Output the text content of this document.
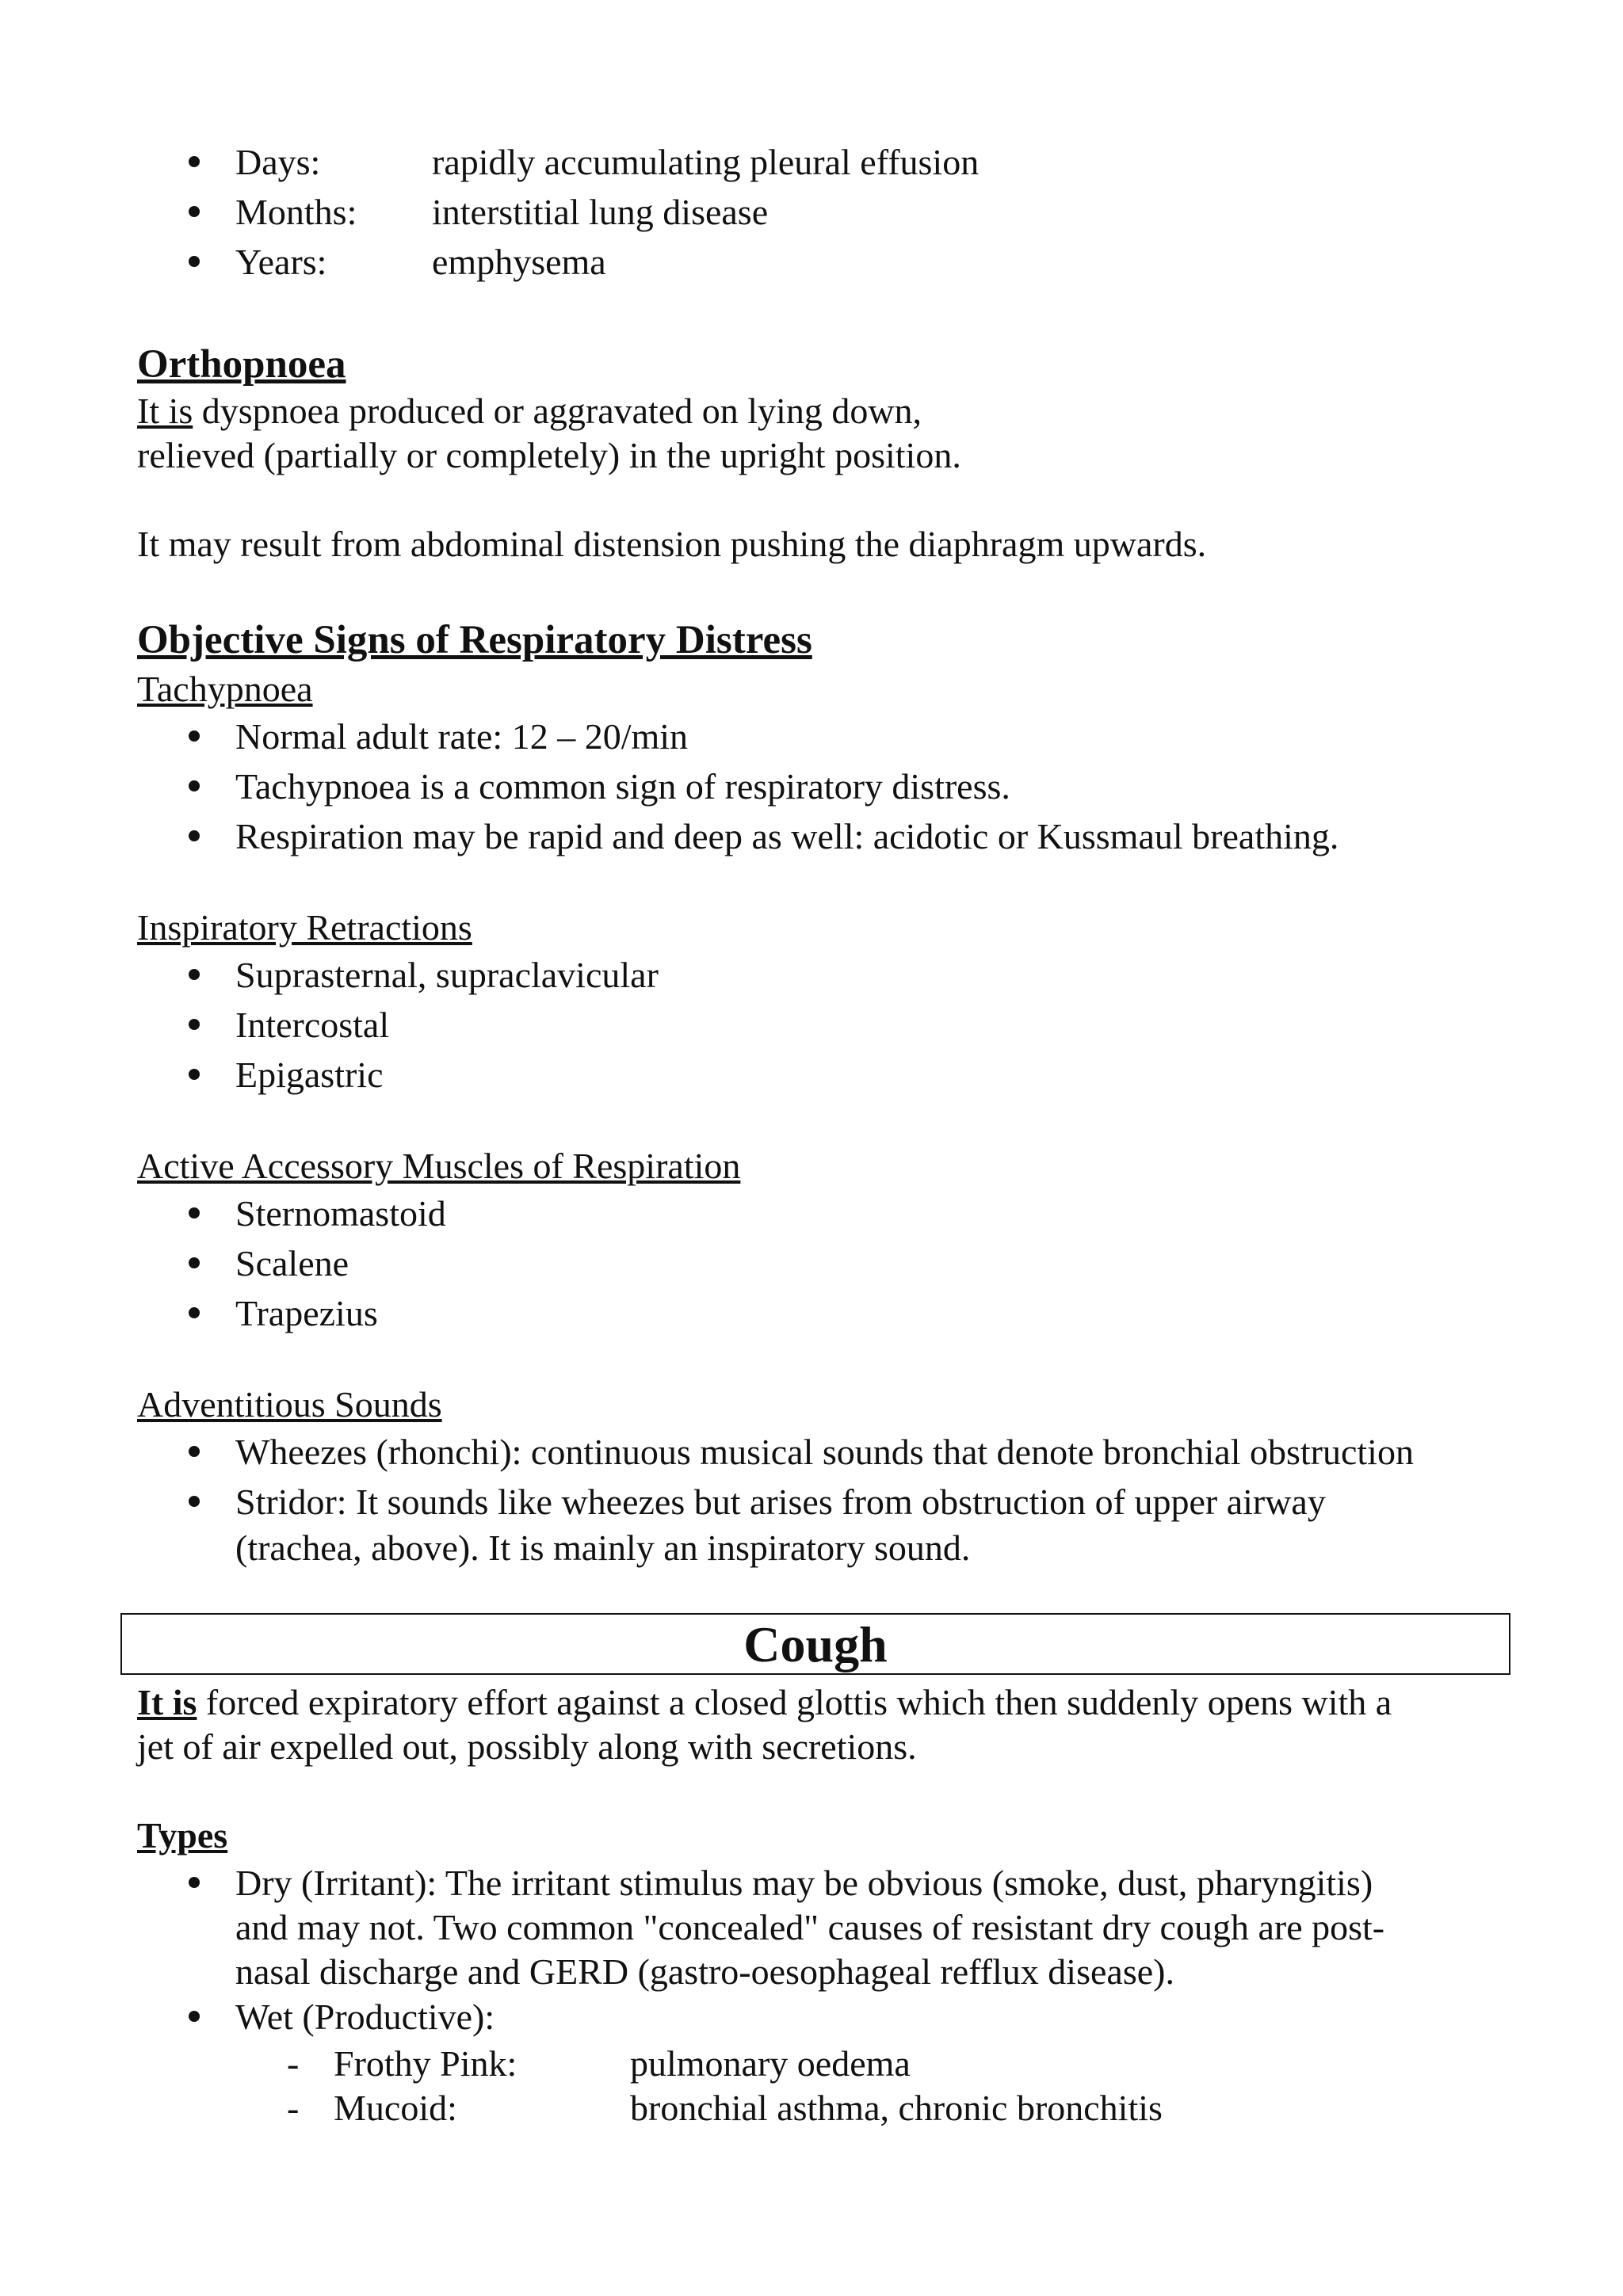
Days:	rapidly accumulating pleural effusion

Months: interstitial lung disease

Years:	emphysema

Orthopnoea

It is dyspnoea produced or aggravated on lying down,

relieved (partially or completely) in the upright position.

It may result from abdominal distension pushing the diaphragm upwards.

Objective Signs of Respiratory Distress

Tachypnoea

Normal adult rate: 12 – 20/min

Tachypnoea is a common sign of respiratory distress.

Respiration may be rapid and deep as well: acidotic or Kussmaul breathing.

Inspiratory Retractions

Suprasternal, supraclavicular

Intercostal

Epigastric

Active Accessory Muscles of Respiration

Sternomastoid

Scalene

Trapezius

Adventitious Sounds

Wheezes (rhonchi): continuous musical sounds that denote bronchial obstruction

Stridor: It sounds like wheezes but arises from obstruction of upper airway

(trachea, above). It is mainly an inspiratory sound.

Cough

It is forced expiratory effort against a closed glottis which then suddenly opens with a

jet of air expelled out, possibly along with secretions.

Types

Dry (Irritant): The irritant stimulus may be obvious (smoke, dust, pharyngitis)

and may not. Two common "concealed" causes of resistant dry cough are post-

nasal discharge and GERD (gastro-oesophageal refflux disease).

Wet (Productive):

- Frothy Pink:	pulmonary oedema

- Mucoid:	bronchial asthma, chronic bronchitis
